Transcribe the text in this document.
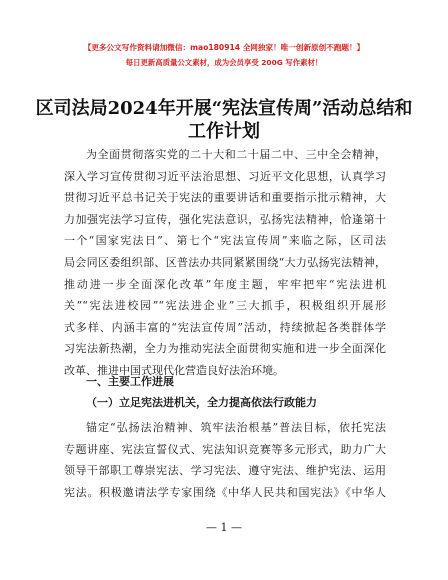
【更多公文写作资料请加微信：mao180914 全网独家！唯一创新原创不跑题！】
每日更新高质量公文素材，成为会员享受 200G 写作素材！
区司法局2024年开展“宪法宣传周”活动总结和
工作计划
为全面贯彻落实党的二十大和二十届二中、三中全会精神，
深入学习宣传贯彻习近平法治思想、习近平文化思想，认真学习
贯彻习近平总书记关于宪法的重要讲话和重要指示批示精神，大
力加强宪法学习宣传，强化宪法意识，弘扬宪法精神，恰逢第十
一个“国家宪法日”、第七个“宪法宣传周”来临之际，区司法
局会同区委组织部、区普法办共同紧紧围绕“大力弘扬宪法精神，
推动进一步全面深化改革”年度主题，牢牢把牢“宪法进机
关”“宪法进校园”“宪法进企业”三大抓手，积极组织开展形
式多样、内涵丰富的“宪法宣传周”活动，持续掀起各类群体学
习宪法新热潮，全力为推动宪法全面贯彻实施和进一步全面深化
改革、推进中国式现代化营造良好法治环境。
一、主要工作进展
（一）立足宪法进机关，全力提高依法行政能力
锚定“弘扬法治精神、筑牢法治根基”普法目标，依托宪法
专题讲座、宪法宣誓仪式、宪法知识竞赛等多元形式，助力广大
领导干部职工尊崇宪法、学习宪法、遵守宪法、维护宪法、运用
宪法。积极邀请法学专家围绕《中华人民共和国宪法》《中华人
— 1 —
